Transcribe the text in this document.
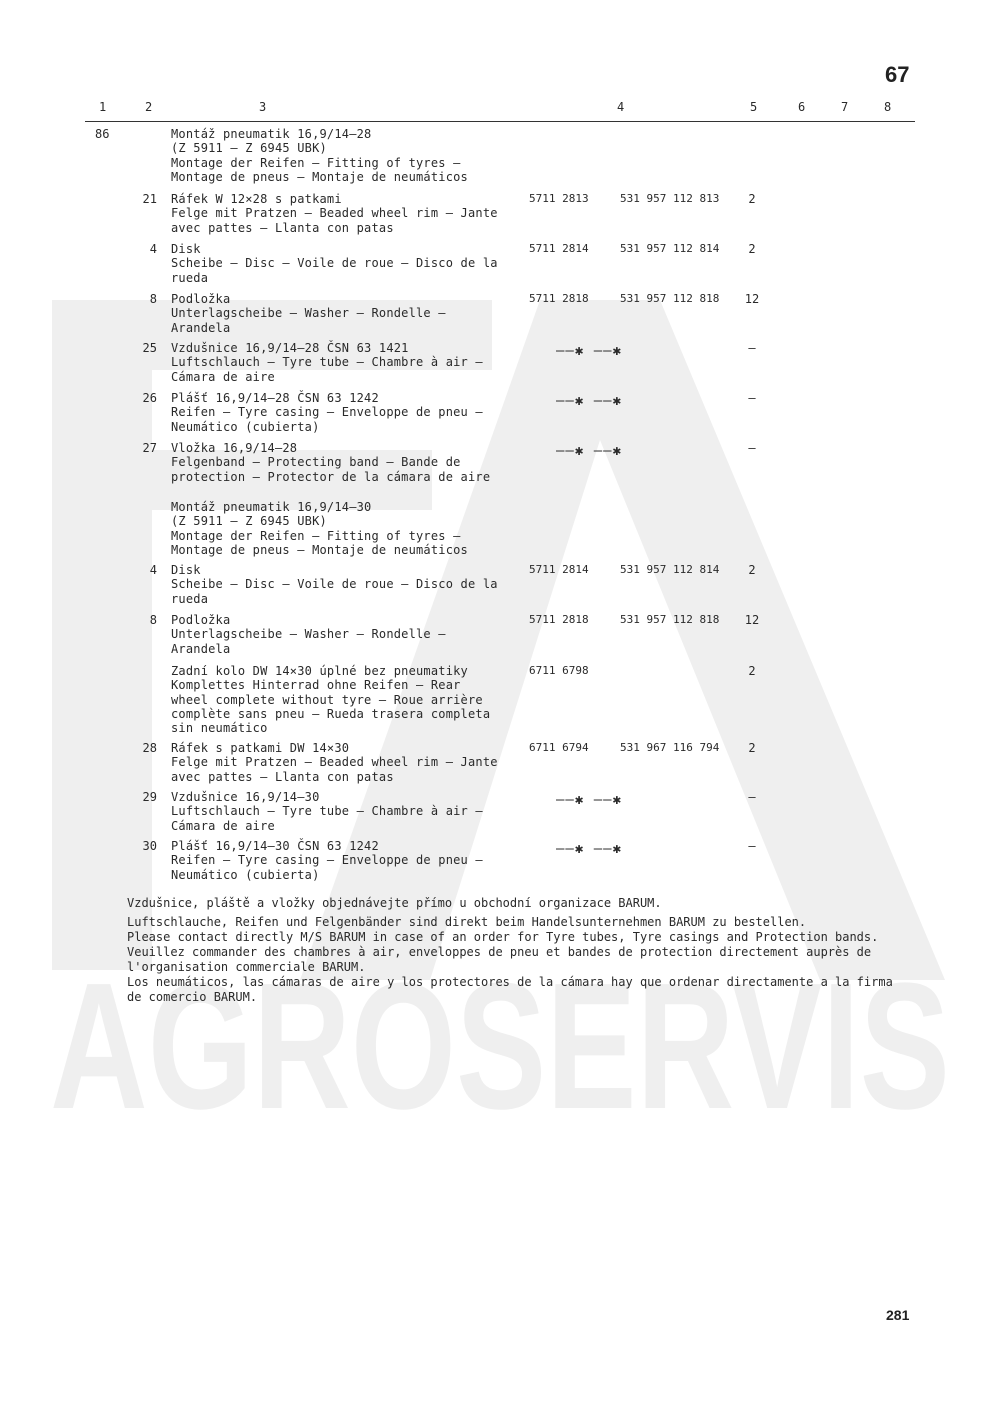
AGROSERVIS
67
1	2	3	4	5	6	7	8
86	Montáž pneumatik 16,9/14—28
(Z 5911 — Z 6945 UBK)
Montage der Reifen — Fitting of tyres —
Montage de pneus — Montaje de neumáticos
21 Ráfek W 12⨯28 s patkami
Felge mit Pratzen — Beaded wheel rim — Jante
avec pattes — Llanta con patas
5711 2813	531 957 112 813	2
4 Disk
Scheibe — Disc — Voile de roue — Disco de la
rueda
5711 2814	531 957 112 814	2
8 Podložka
Unterlagscheibe — Washer — Rondelle —
Arandela
5711 2818	531 957 112 818	12
25 Vzdušnice 16,9/14—28 ČSN 63 1421
Luftschlauch — Tyre tube — Chambre à air —
Cámara de aire
——✱ ——✱	—
26 Plášť 16,9/14—28 ČSN 63 1242
Reifen — Tyre casing — Enveloppe de pneu —
Neumático (cubierta)
——✱ ——✱	—
27 Vložka 16,9/14—28
Felgenband — Protecting band — Bande de
protection — Protector de la cámara de aire
——✱ ——✱	—
Montáž pneumatik 16,9/14—30
(Z 5911 — Z 6945 UBK)
Montage der Reifen — Fitting of tyres —
Montage de pneus — Montaje de neumáticos
4 Disk
Scheibe — Disc — Voile de roue — Disco de la
rueda
5711 2814	531 957 112 814	2
8 Podložka
Unterlagscheibe — Washer — Rondelle —
Arandela
5711 2818	531 957 112 818	12
Zadní kolo DW 14⨯30 úplné bez pneumatiky
Komplettes Hinterrad ohne Reifen — Rear
wheel complete without tyre — Roue arrière
complète sans pneu — Rueda trasera completa
sin neumático
6711 6798	2
28 Ráfek s patkami DW 14⨯30
Felge mit Pratzen — Beaded wheel rim — Jante
avec pattes — Llanta con patas
6711 6794	531 967 116 794	2
29 Vzdušnice 16,9/14—30
Luftschlauch — Tyre tube — Chambre à air —
Cámara de aire
——✱ ——✱	—
30 Plášť 16,9/14—30 ČSN 63 1242
Reifen — Tyre casing — Enveloppe de pneu —
Neumático (cubierta)
——✱ ——✱	—
Vzdušnice, pláště a vložky objednávejte přímo u obchodní organizace BARUM.
Luftschlauche, Reifen und Felgenbänder sind direkt beim Handelsunternehmen BARUM zu bestellen.
Please contact directly M/S BARUM in case of an order for Tyre tubes, Tyre casings and Protection bands.
Veuillez commander des chambres à air, enveloppes de pneu et bandes de protection directement auprès de
l'organisation commerciale BARUM.
Los neumáticos, las cámaras de aire y los protectores de la cámara hay que ordenar directamente a la firma
de comercio BARUM.
281
